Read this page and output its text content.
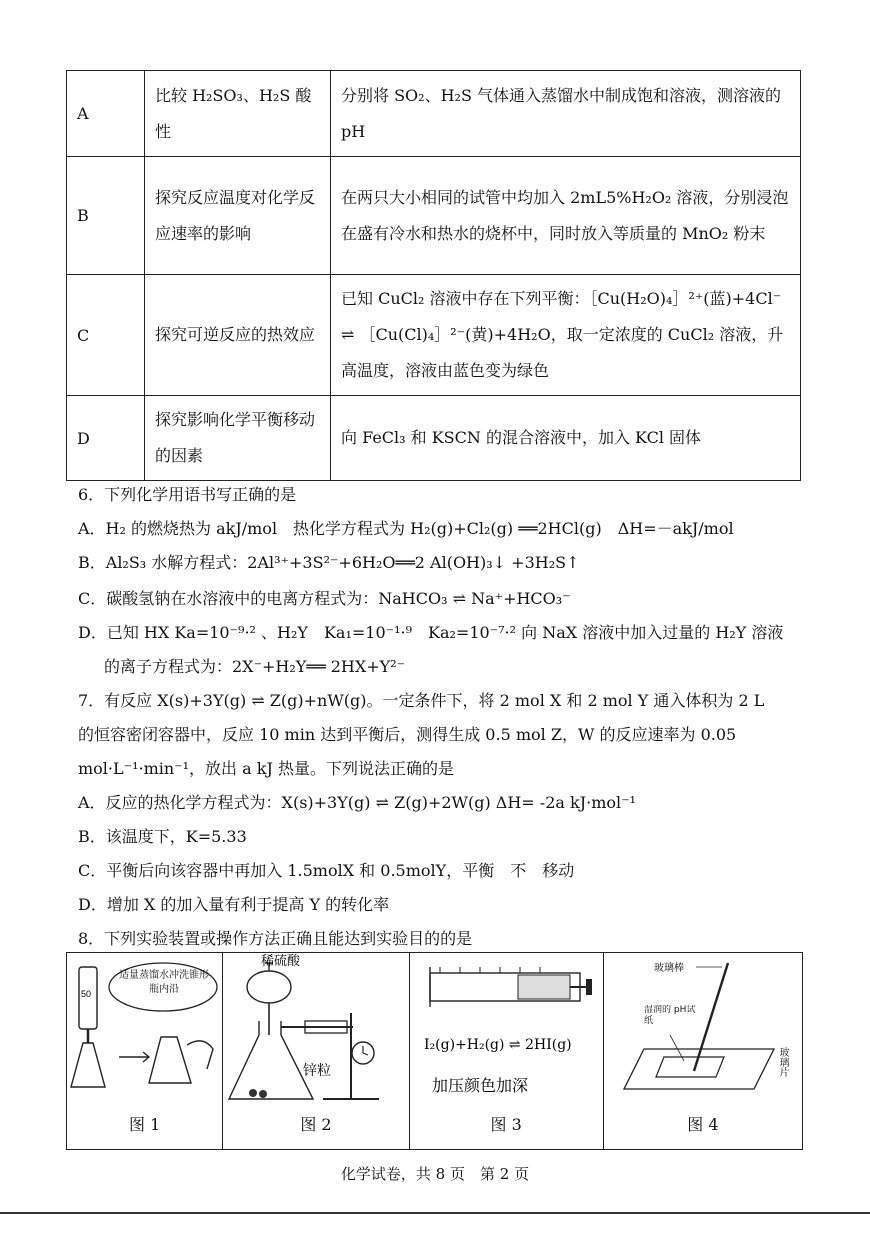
A	比较 H₂SO₃、H₂S 酸性	分别将 SO₂、H₂S 气体通入蒸馏水中制成饱和溶液，测溶液的 pH
B	探究反应温度对化学反应速率的影响	在两只大小相同的试管中均加入 2mL5%H₂O₂ 溶液，分别浸泡在盛有冷水和热水的烧杯中，同时放入等质量的 MnO₂ 粉末
C	探究可逆反应的热效应	已知 CuCl₂ 溶液中存在下列平衡：［Cu(H₂O)₄］²⁺(蓝)+4Cl⁻ ⇌ ［Cu(Cl)₄］²⁻(黄)+4H₂O，取一定浓度的 CuCl₂ 溶液，升高温度，溶液由蓝色变为绿色
D	探究影响化学平衡移动的因素	向 FeCl₃ 和 KSCN 的混合溶液中，加入 KCl 固体
6．下列化学用语书写正确的是
A．H₂ 的燃烧热为 akJ/mol　热化学方程式为 H₂(g)+Cl₂(g) ══2HCl(g)　ΔH=－akJ/mol
B．Al₂S₃ 水解方程式：2Al³⁺+3S²⁻+6H₂O══2 Al(OH)₃↓ +3H₂S↑
C．碳酸氢钠在水溶液中的电离方程式为：NaHCO₃ ⇌ Na⁺+HCO₃⁻
D．已知 HX Ka=10⁻⁹·² 、H₂Y　Ka₁=10⁻¹·⁹　Ka₂=10⁻⁷·² 向 NaX 溶液中加入过量的 H₂Y 溶液
的离子方程式为：2X⁻+H₂Y══ 2HX+Y²⁻
7．有反应 X(s)+3Y(g) ⇌ Z(g)+nW(g)。一定条件下，将 2 mol X 和 2 mol Y 通入体积为 2 L
的恒容密闭容器中，反应 10 min 达到平衡后，测得生成 0.5 mol Z，W 的反应速率为 0.05
mol·L⁻¹·min⁻¹，放出 a kJ 热量。下列说法正确的是
A．反应的热化学方程式为：X(s)+3Y(g) ⇌ Z(g)+2W(g) ΔH= -2a kJ·mol⁻¹
B．该温度下，K=5.33
C．平衡后向该容器中再加入 1.5molX 和 0.5molY，平衡　不　移动
D．增加 X 的加入量有利于提高 Y 的转化率
8．下列实验装置或操作方法正确且能达到实验目的的是
50
适量蒸馏水冲洗锥形瓶内沿
图 1
稀硫酸
锌粒
图 2
I₂(g)+H₂(g) ⇌ 2HI(g)
加压颜色加深
图 3
玻璃棒
湿润的 pH试纸
玻璃片
图 4
化学试卷，共 8 页　第 2 页
